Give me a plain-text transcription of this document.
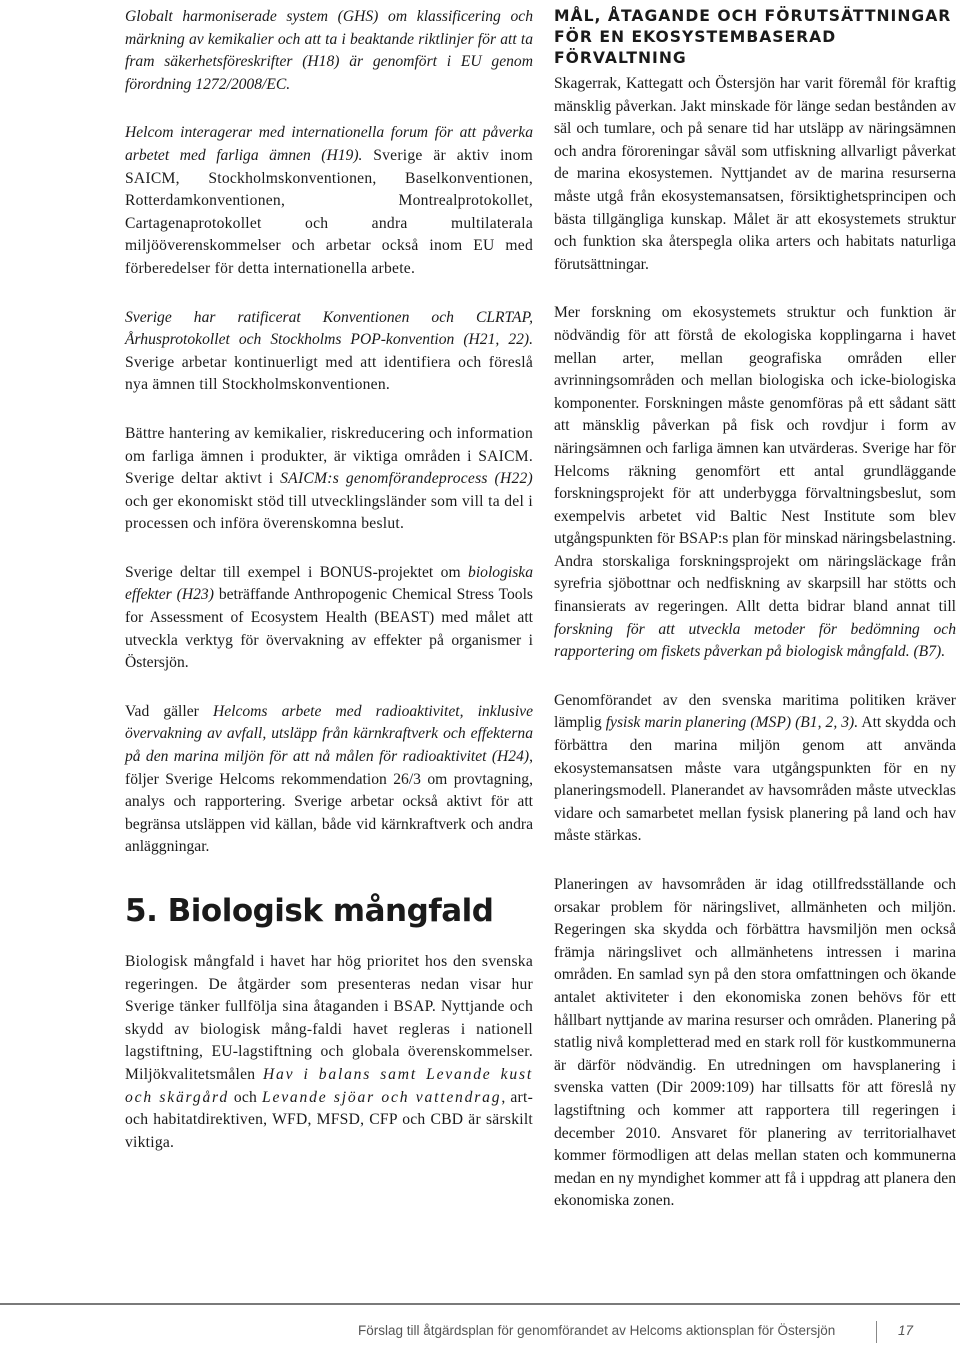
Globalt harmoniserade system (GHS) om klassificering och märkning av kemikalier och att ta i beaktande riktlinjer för att ta fram säkerhetsföreskrifter (H18) är genomfört i EU genom förordning 1272/2008/EC.

Helcom interagerar med internationella forum för att påverka arbetet med farliga ämnen (H19). Sverige är aktiv inom SAICM, Stockholmskonventionen, Baselkonventionen, Rotterdamkonventionen, Montrealprotokollet, Cartagenaprotokollet och andra multilaterala miljööverenskommelser och arbetar också inom EU med förberedelser för detta internationella arbete.

Sverige har ratificerat Konventionen och CLRTAP, Århusprotokollet och Stockholms POP-konvention (H21, 22). Sverige arbetar kontinuerligt med att identifiera och föreslå nya ämnen till Stockholmskonventionen.

Bättre hantering av kemikalier, riskreducering och information om farliga ämnen i produkter, är viktiga områden i SAICM. Sverige deltar aktivt i SAICM:s genomförandeprocess (H22) och ger ekonomiskt stöd till utvecklingsländer som vill ta del i processen och införa överenskomna beslut.

Sverige deltar till exempel i BONUS-projektet om biologiska effekter (H23) beträffande Anthropogenic Chemical Stress Tools for Assessment of Ecosystem Health (BEAST) med målet att utveckla verktyg för övervakning av effekter på organismer i Östersjön.

Vad gäller Helcoms arbete med radioaktivitet, inklusive övervakning av avfall, utsläpp från kärnkraftverk och effekterna på den marina miljön för att nå målen för radioaktivitet (H24), följer Sverige Helcoms rekommendation 26/3 om provtagning, analys och rapportering. Sverige arbetar också aktivt för att begränsa utsläppen vid källan, både vid kärnkraftverk och andra anläggningar.

5. Biologisk mångfald

Biologisk mångfald i havet har hög prioritet hos den svenska regeringen. De åtgärder som presenteras nedan visar hur Sverige tänker fullfölja sina åtaganden i BSAP. Nyttjande och skydd av biologisk mång-faldi havet regleras i nationell lagstiftning, EU-lagstiftning och globala överenskommelser. Miljökvalitetsmålen Hav i balans samt Levande kust och skärgård och Levande sjöar och vattendrag, art- och habitatdirektiven, WFD, MFSD, CFP och CBD är särskilt viktiga.

MÅL, ÅTAGANDE OCH FÖRUTSÄTTNINGAR FÖR EN EKOSYSTEMBASERAD FÖRVALTNING

Skagerrak, Kattegatt och Östersjön har varit föremål för kraftig mänsklig påverkan. Jakt minskade för länge sedan bestånden av säl och tumlare, och på senare tid har utsläpp av näringsämnen och andra föroreningar såväl som utfiskning allvarligt påverkat de marina ekosystemen. Nyttjandet av de marina resurserna måste utgå från ekosystemansatsen, försiktighetsprincipen och bästa tillgängliga kunskap. Målet är att ekosystemets struktur och funktion ska återspegla olika arters och habitats naturliga förutsättningar.

Mer forskning om ekosystemets struktur och funktion är nödvändig för att förstå de ekologiska kopplingarna i havet mellan arter, mellan geografiska områden eller avrinningsområden och mellan biologiska och icke-biologiska komponenter. Forskningen måste genomföras på ett sådant sätt att mänsklig påverkan på fisk och rovdjur i form av näringsämnen och farliga ämnen kan utvärderas. Sverige har för Helcoms räkning genomfört ett antal grundläggande forskningsprojekt för att underbygga förvaltningsbeslut, som exempelvis arbetet vid Baltic Nest Institute som blev utgångspunkten för BSAP:s plan för minskad näringsbelastning. Andra storskaliga forskningsprojekt om näringsläckage från syrefria sjöbottnar och nedfiskning av skarpsill har stötts och finansierats av regeringen. Allt detta bidrar bland annat till forskning för att utveckla metoder för bedömning och rapportering om fiskets påverkan på biologisk mångfald. (B7).

Genomförandet av den svenska maritima politiken kräver lämplig fysisk marin planering (MSP) (B1, 2, 3). Att skydda och förbättra den marina miljön genom att använda ekosystemansatsen måste vara utgångspunkten för en ny planeringsmodell. Planerandet av havsområden måste utvecklas vidare och samarbetet mellan fysisk planering på land och hav måste stärkas.

Planeringen av havsområden är idag otillfredsställande och orsakar problem för näringslivet, allmänheten och miljön. Regeringen ska skydda och förbättra havsmiljön men också främja näringslivet och allmänhetens intressen i marina områden. En samlad syn på den stora omfattningen och ökande antalet aktiviteter i den ekonomiska zonen behövs för ett hållbart nyttjande av marina resurser och områden. Planering på statlig nivå kompletterad med en stark roll för kustkommunerna är därför nödvändig. En utredningen om havsplanering i svenska vatten (Dir 2009:109) har tillsatts för att föreslå ny lagstiftning och kommer att rapportera till regeringen i december 2010. Ansvaret för planering av territorialhavet kommer förmodligen att delas mellan staten och kommunerna medan en ny myndighet kommer att få i uppdrag att planera den ekonomiska zonen.

Förslag till åtgärdsplan för genomförandet av Helcoms aktionsplan för Östersjön	17
